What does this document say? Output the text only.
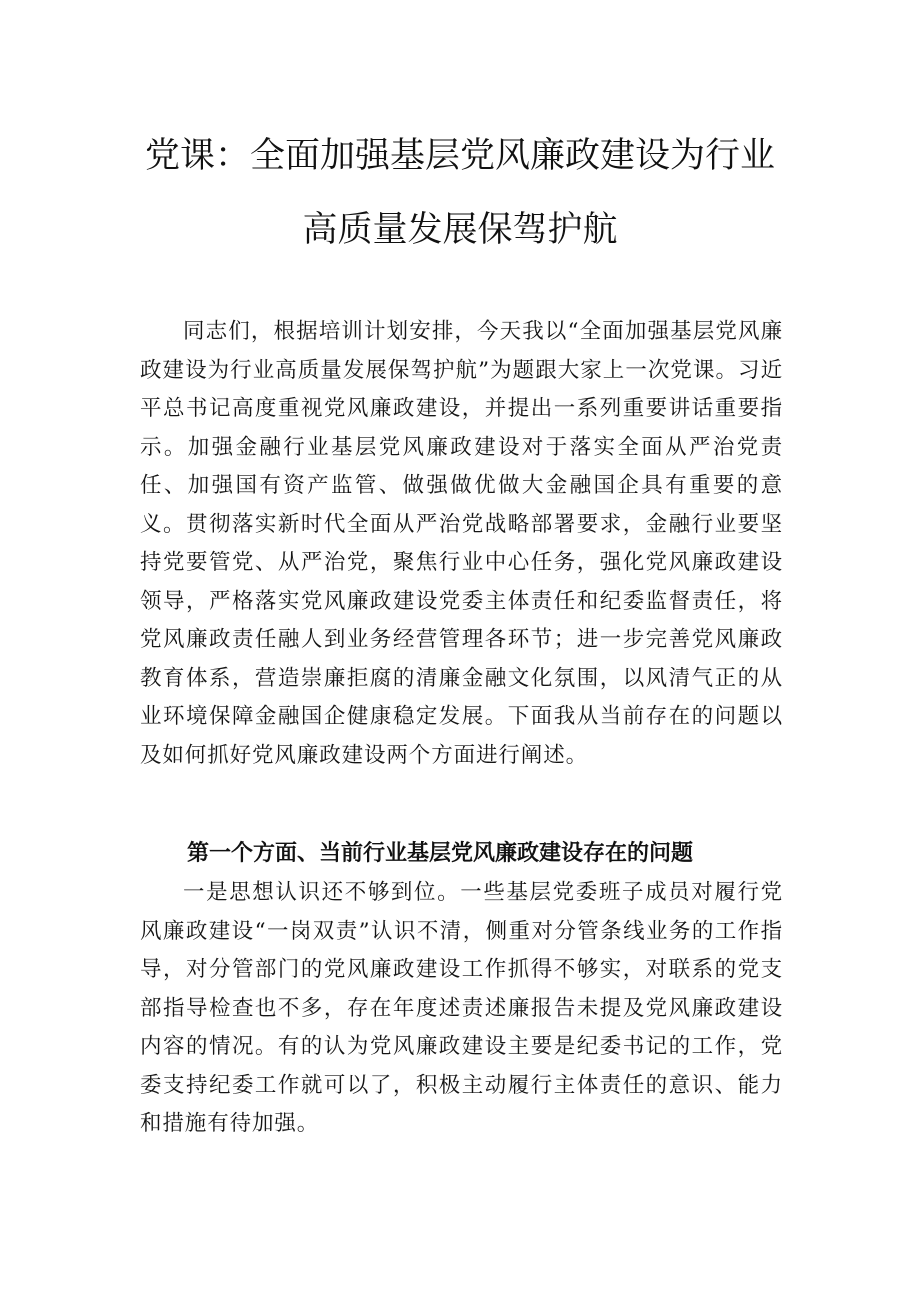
党课：全面加强基层党风廉政建设为行业
高质量发展保驾护航

同志们，根据培训计划安排，今天我以“全面加强基层党风廉政建设为行业高质量发展保驾护航”为题跟大家上一次党课。习近平总书记高度重视党风廉政建设，并提出一系列重要讲话重要指示。加强金融行业基层党风廉政建设对于落实全面从严治党责任、加强国有资产监管、做强做优做大金融国企具有重要的意义。贯彻落实新时代全面从严治党战略部署要求，金融行业要坚持党要管党、从严治党，聚焦行业中心任务，强化党风廉政建设领导，严格落实党风廉政建设党委主体责任和纪委监督责任，将党风廉政责任融人到业务经营管理各环节；进一步完善党风廉政教育体系，营造崇廉拒腐的清廉金融文化氛围，以风清气正的从业环境保障金融国企健康稳定发展。下面我从当前存在的问题以及如何抓好党风廉政建设两个方面进行阐述。

第一个方面、当前行业基层党风廉政建设存在的问题

一是思想认识还不够到位。一些基层党委班子成员对履行党风廉政建设“一岗双责”认识不清，侧重对分管条线业务的工作指导，对分管部门的党风廉政建设工作抓得不够实，对联系的党支部指导检查也不多，存在年度述责述廉报告未提及党风廉政建设内容的情况。有的认为党风廉政建设主要是纪委书记的工作，党委支持纪委工作就可以了，积极主动履行主体责任的意识、能力和措施有待加强。
